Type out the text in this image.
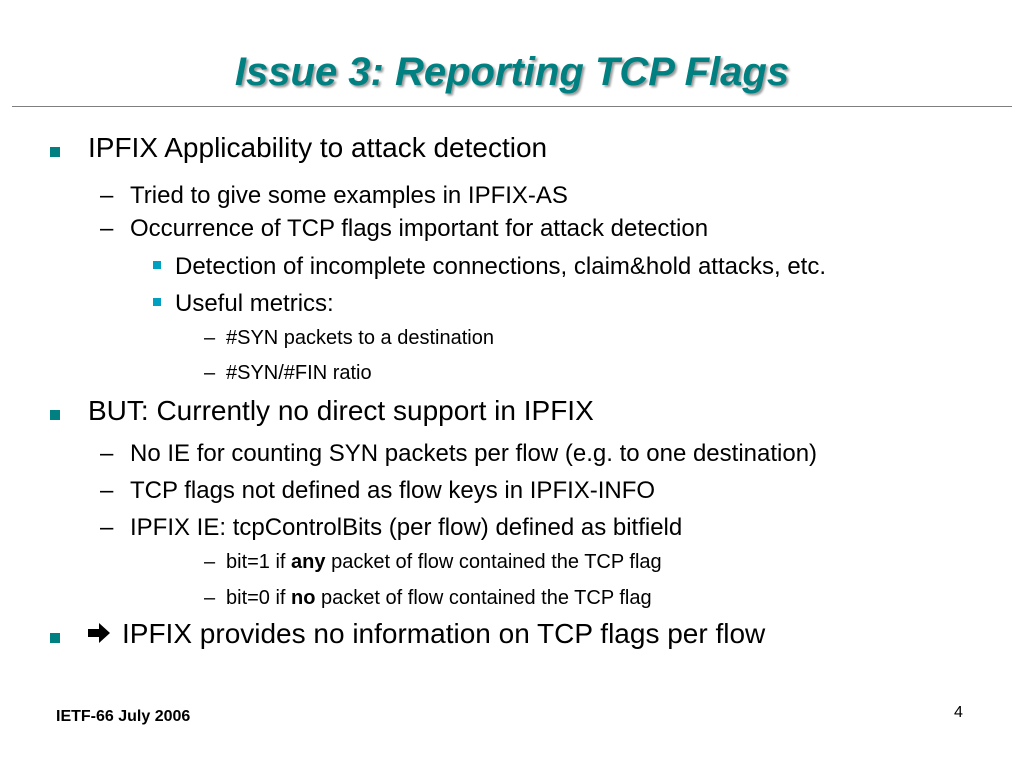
Issue 3: Reporting TCP Flags
IPFIX Applicability to attack detection
– Tried to give some examples in IPFIX-AS
– Occurrence of TCP flags important for attack detection
Detection of incomplete connections, claim&hold attacks, etc.
Useful metrics:
– #SYN packets to a destination
– #SYN/#FIN ratio
BUT: Currently no direct support in IPFIX
– No IE for counting SYN packets per flow (e.g. to one destination)
– TCP flags not defined as flow keys in IPFIX-INFO
– IPFIX IE: tcpControlBits (per flow) defined as bitfield
– bit=1 if any packet of flow contained the TCP flag
– bit=0 if no packet of flow contained the TCP flag
IPFIX provides no information on TCP flags per flow
IETF-66 July 2006	4
